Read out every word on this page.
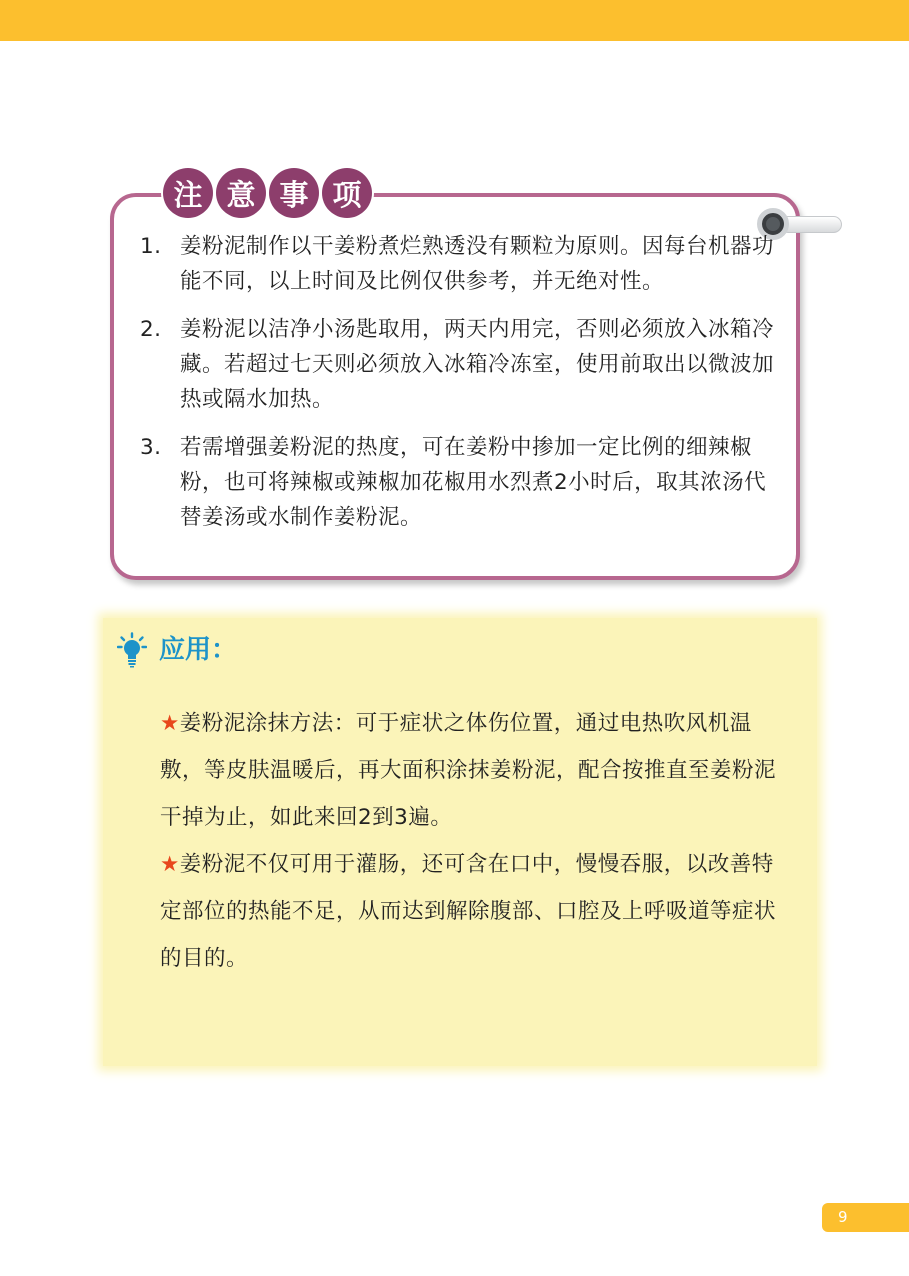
注 意 事 项
1. 姜粉泥制作以干姜粉煮烂熟透没有颗粒为原则。因每台机器功能不同，以上时间及比例仅供参考，并无绝对性。
2. 姜粉泥以洁净小汤匙取用，两天内用完，否则必须放入冰箱冷藏。若超过七天则必须放入冰箱冷冻室，使用前取出以微波加热或隔水加热。
3. 若需增强姜粉泥的热度，可在姜粉中掺加一定比例的细辣椒粉，也可将辣椒或辣椒加花椒用水烈煮2小时后，取其浓汤代替姜汤或水制作姜粉泥。
应用：

★姜粉泥涂抹方法：可于症状之体伤位置，通过电热吹风机温敷，等皮肤温暖后，再大面积涂抹姜粉泥，配合按推直至姜粉泥干掉为止，如此来回2到3遍。

★姜粉泥不仅可用于灌肠，还可含在口中，慢慢吞服，以改善特定部位的热能不足，从而达到解除腹部、口腔及上呼吸道等症状的目的。

9
